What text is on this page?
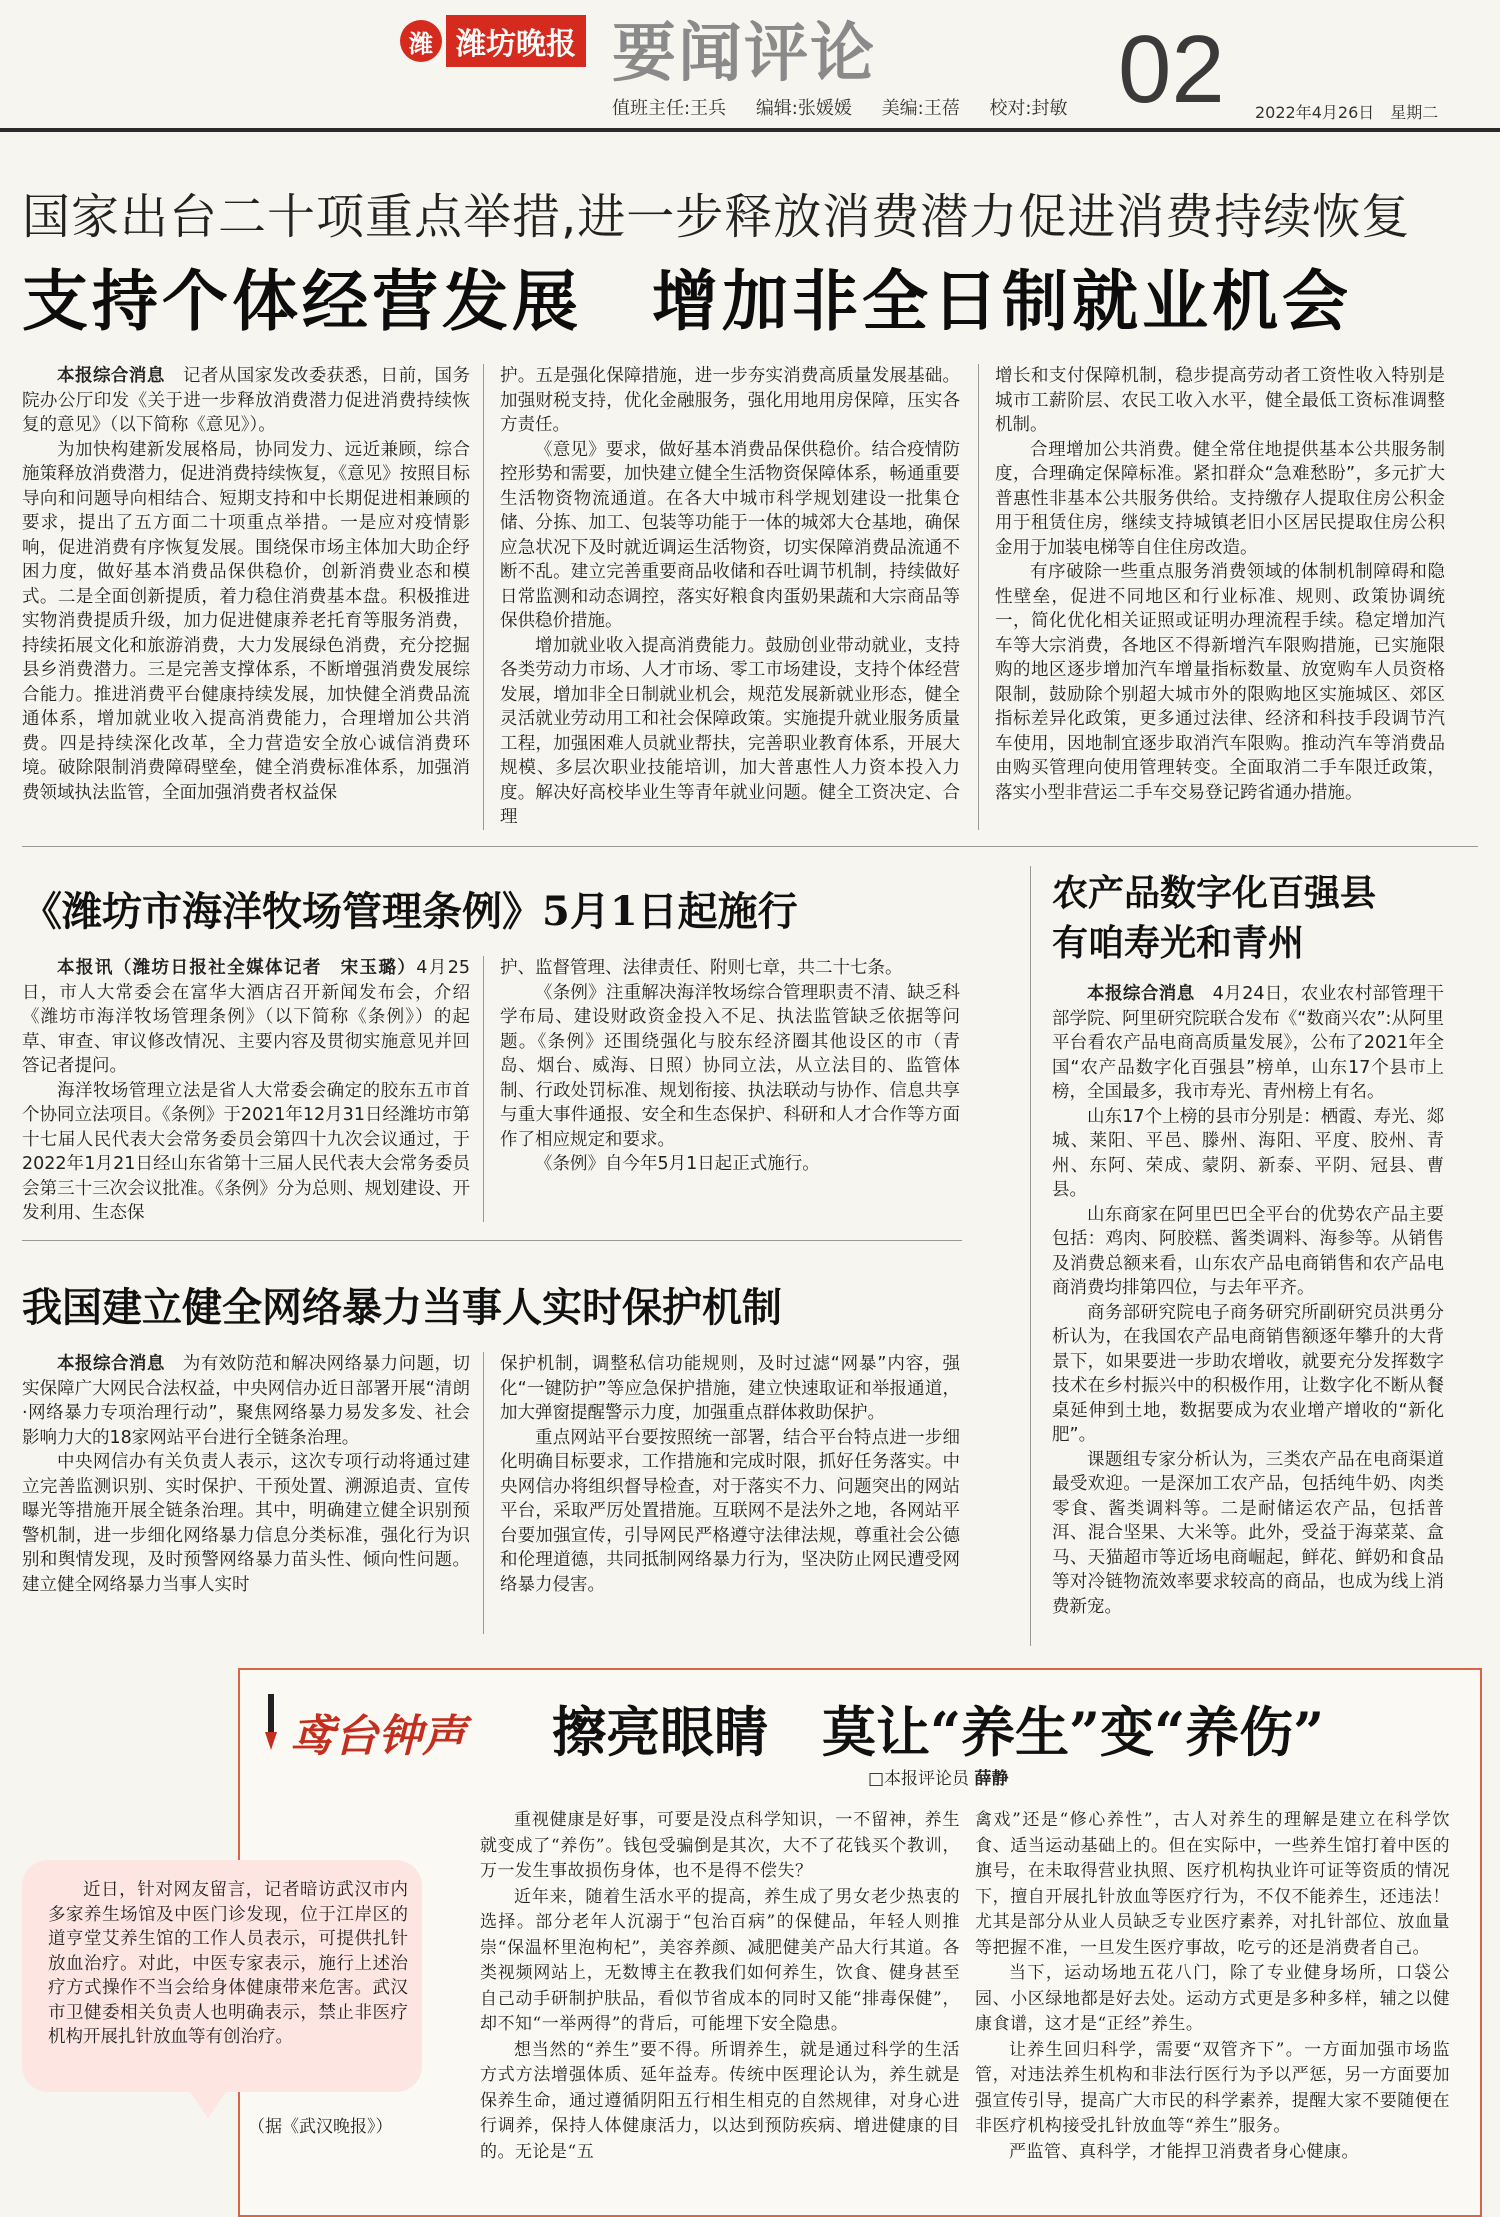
潍 潍坊晚报 要闻评论	02
值班主任:王兵 编辑:张媛媛 美编:王蓓 校对:封敏	2022年4月26日　星期二
国家出台二十项重点举措,进一步释放消费潜力促进消费持续恢复
支持个体经营发展　增加非全日制就业机会

本报综合消息　记者从国家发改委获悉，日前，国务院办公厅印发《关于进一步释放消费潜力促进消费持续恢复的意见》（以下简称《意见》）。

为加快构建新发展格局，协同发力、远近兼顾，综合施策释放消费潜力，促进消费持续恢复，《意见》按照目标导向和问题导向相结合、短期支持和中长期促进相兼顾的要求，提出了五方面二十项重点举措。一是应对疫情影响，促进消费有序恢复发展。围绕保市场主体加大助企纾困力度，做好基本消费品保供稳价，创新消费业态和模式。二是全面创新提质，着力稳住消费基本盘。积极推进实物消费提质升级，加力促进健康养老托育等服务消费，持续拓展文化和旅游消费，大力发展绿色消费，充分挖掘县乡消费潜力。三是完善支撑体系，不断增强消费发展综合能力。推进消费平台健康持续发展，加快健全消费品流通体系，增加就业收入提高消费能力，合理增加公共消费。四是持续深化改革，全力营造安全放心诚信消费环境。破除限制消费障碍壁垒，健全消费标准体系，加强消费领域执法监管，全面加强消费者权益保

护。五是强化保障措施，进一步夯实消费高质量发展基础。加强财税支持，优化金融服务，强化用地用房保障，压实各方责任。

《意见》要求，做好基本消费品保供稳价。结合疫情防控形势和需要，加快建立健全生活物资保障体系，畅通重要生活物资物流通道。在各大中城市科学规划建设一批集仓储、分拣、加工、包装等功能于一体的城郊大仓基地，确保应急状况下及时就近调运生活物资，切实保障消费品流通不断不乱。建立完善重要商品收储和吞吐调节机制，持续做好日常监测和动态调控，落实好粮食肉蛋奶果蔬和大宗商品等保供稳价措施。

增加就业收入提高消费能力。鼓励创业带动就业，支持各类劳动力市场、人才市场、零工市场建设，支持个体经营发展，增加非全日制就业机会，规范发展新就业形态，健全灵活就业劳动用工和社会保障政策。实施提升就业服务质量工程，加强困难人员就业帮扶，完善职业教育体系，开展大规模、多层次职业技能培训，加大普惠性人力资本投入力度。解决好高校毕业生等青年就业问题。健全工资决定、合理

增长和支付保障机制，稳步提高劳动者工资性收入特别是城市工薪阶层、农民工收入水平，健全最低工资标准调整机制。

合理增加公共消费。健全常住地提供基本公共服务制度，合理确定保障标准。紧扣群众“急难愁盼”，多元扩大普惠性非基本公共服务供给。支持缴存人提取住房公积金用于租赁住房，继续支持城镇老旧小区居民提取住房公积金用于加装电梯等自住住房改造。

有序破除一些重点服务消费领域的体制机制障碍和隐性壁垒，促进不同地区和行业标准、规则、政策协调统一，简化优化相关证照或证明办理流程手续。稳定增加汽车等大宗消费，各地区不得新增汽车限购措施，已实施限购的地区逐步增加汽车增量指标数量、放宽购车人员资格限制，鼓励除个别超大城市外的限购地区实施城区、郊区指标差异化政策，更多通过法律、经济和科技手段调节汽车使用，因地制宜逐步取消汽车限购。推动汽车等消费品由购买管理向使用管理转变。全面取消二手车限迁政策，落实小型非营运二手车交易登记跨省通办措施。

《潍坊市海洋牧场管理条例》5月1日起施行

本报讯（潍坊日报社全媒体记者　宋玉璐）4月25日，市人大常委会在富华大酒店召开新闻发布会，介绍《潍坊市海洋牧场管理条例》（以下简称《条例》）的起草、审查、审议修改情况、主要内容及贯彻实施意见并回答记者提问。

海洋牧场管理立法是省人大常委会确定的胶东五市首个协同立法项目。《条例》于2021年12月31日经潍坊市第十七届人民代表大会常务委员会第四十九次会议通过，于2022年1月21日经山东省第十三届人民代表大会常务委员会第三十三次会议批准。《条例》分为总则、规划建设、开发利用、生态保

护、监督管理、法律责任、附则七章，共二十七条。

《条例》注重解决海洋牧场综合管理职责不清、缺乏科学布局、建设财政资金投入不足、执法监管缺乏依据等问题。《条例》还围绕强化与胶东经济圈其他设区的市（青岛、烟台、威海、日照）协同立法，从立法目的、监管体制、行政处罚标准、规划衔接、执法联动与协作、信息共享与重大事件通报、安全和生态保护、科研和人才合作等方面作了相应规定和要求。

《条例》自今年5月1日起正式施行。

我国建立健全网络暴力当事人实时保护机制

本报综合消息　为有效防范和解决网络暴力问题，切实保障广大网民合法权益，中央网信办近日部署开展“清朗·网络暴力专项治理行动”，聚焦网络暴力易发多发、社会影响力大的18家网站平台进行全链条治理。

中央网信办有关负责人表示，这次专项行动将通过建立完善监测识别、实时保护、干预处置、溯源追责、宣传曝光等措施开展全链条治理。其中，明确建立健全识别预警机制，进一步细化网络暴力信息分类标准，强化行为识别和舆情发现，及时预警网络暴力苗头性、倾向性问题。建立健全网络暴力当事人实时

保护机制，调整私信功能规则，及时过滤“网暴”内容，强化“一键防护”等应急保护措施，建立快速取证和举报通道，加大弹窗提醒警示力度，加强重点群体救助保护。

重点网站平台要按照统一部署，结合平台特点进一步细化明确目标要求，工作措施和完成时限，抓好任务落实。中央网信办将组织督导检查，对于落实不力、问题突出的网站平台，采取严厉处置措施。互联网不是法外之地，各网站平台要加强宣传，引导网民严格遵守法律法规，尊重社会公德和伦理道德，共同抵制网络暴力行为，坚决防止网民遭受网络暴力侵害。

农产品数字化百强县
有咱寿光和青州

本报综合消息　4月24日，农业农村部管理干部学院、阿里研究院联合发布《“数商兴农”:从阿里平台看农产品电商高质量发展》，公布了2021年全国“农产品数字化百强县”榜单，山东17个县市上榜，全国最多，我市寿光、青州榜上有名。

山东17个上榜的县市分别是：栖霞、寿光、郯城、莱阳、平邑、滕州、海阳、平度、胶州、青州、东阿、荣成、蒙阴、新泰、平阴、冠县、曹县。

山东商家在阿里巴巴全平台的优势农产品主要包括：鸡肉、阿胶糕、酱类调料、海参等。从销售及消费总额来看，山东农产品电商销售和农产品电商消费均排第四位，与去年平齐。

商务部研究院电子商务研究所副研究员洪勇分析认为，在我国农产品电商销售额逐年攀升的大背景下，如果要进一步助农增收，就要充分发挥数字技术在乡村振兴中的积极作用，让数字化不断从餐桌延伸到土地，数据要成为农业增产增收的“新化肥”。

课题组专家分析认为，三类农产品在电商渠道最受欢迎。一是深加工农产品，包括纯牛奶、肉类零食、酱类调料等。二是耐储运农产品，包括普洱、混合坚果、大米等。此外，受益于海菜菜、盒马、天猫超市等近场电商崛起，鲜花、鲜奶和食品等对冷链物流效率要求较高的商品，也成为线上消费新宠。

鸢台钟声 擦亮眼睛　莫让“养生”变“养伤”
□本报评论员 薛静

重视健康是好事，可要是没点科学知识，一不留神，养生就变成了“养伤”。钱包受骗倒是其次，大不了花钱买个教训，万一发生事故损伤身体，也不是得不偿失？

近年来，随着生活水平的提高，养生成了男女老少热衷的选择。部分老年人沉溺于“包治百病”的保健品，年轻人则推崇“保温杯里泡枸杞”，美容养颜、减肥健美产品大行其道。各类视频网站上，无数博主在教我们如何养生，饮食、健身甚至自己动手研制护肤品，看似节省成本的同时又能“排毒保健”，却不知“一举两得”的背后，可能埋下安全隐患。

想当然的“养生”要不得。所谓养生，就是通过科学的生活方式方法增强体质、延年益寿。传统中医理论认为，养生就是保养生命，通过遵循阴阳五行相生相克的自然规律，对身心进行调养，保持人体健康活力，以达到预防疾病、增进健康的目的。无论是“五

禽戏”还是“修心养性”，古人对养生的理解是建立在科学饮食、适当运动基础上的。但在实际中，一些养生馆打着中医的旗号，在未取得营业执照、医疗机构执业许可证等资质的情况下，擅自开展扎针放血等医疗行为，不仅不能养生，还违法！尤其是部分从业人员缺乏专业医疗素养，对扎针部位、放血量等把握不准，一旦发生医疗事故，吃亏的还是消费者自己。

当下，运动场地五花八门，除了专业健身场所，口袋公园、小区绿地都是好去处。运动方式更是多种多样，辅之以健康食谱，这才是“正经”养生。

让养生回归科学，需要“双管齐下”。一方面加强市场监管，对违法养生机构和非法行医行为予以严惩，另一方面要加强宣传引导，提高广大市民的科学素养，提醒大家不要随便在非医疗机构接受扎针放血等“养生”服务。

严监管、真科学，才能捍卫消费者身心健康。

近日，针对网友留言，记者暗访武汉市内多家养生场馆及中医门诊发现，位于江岸区的道亨堂艾养生馆的工作人员表示，可提供扎针放血治疗。对此，中医专家表示，施行上述治疗方式操作不当会给身体健康带来危害。武汉市卫健委相关负责人也明确表示，禁止非医疗机构开展扎针放血等有创治疗。

（据《武汉晚报》）
